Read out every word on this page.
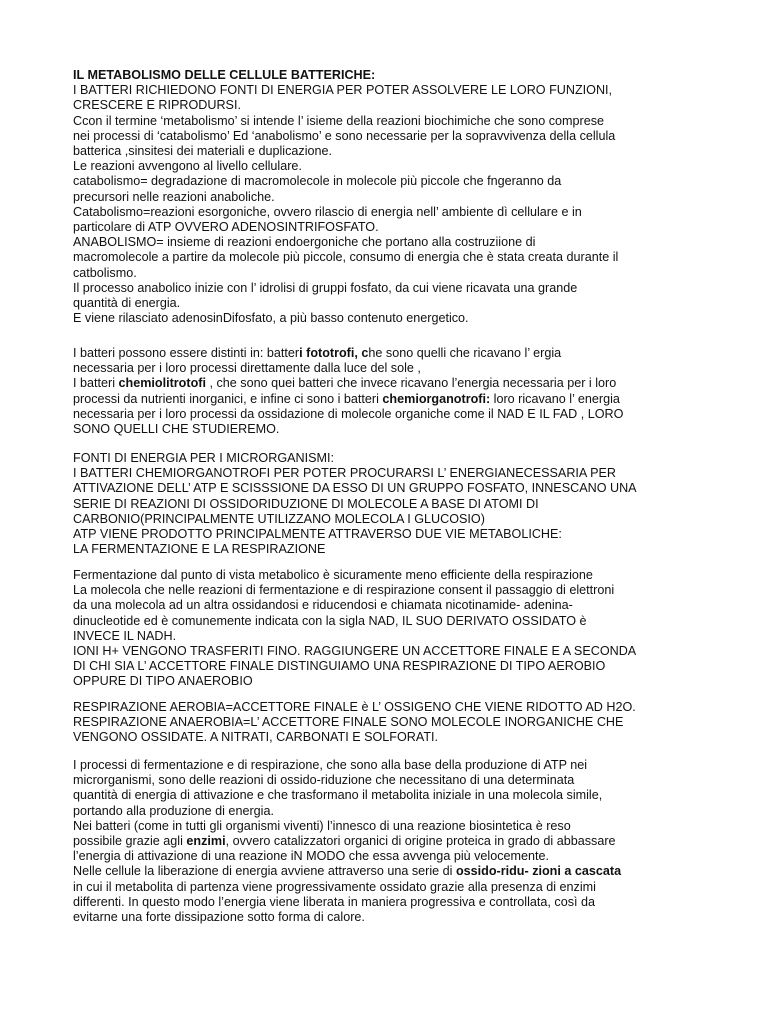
IL METABOLISMO DELLE CELLULE BATTERICHE:

I BATTERI RICHIEDONO FONTI DI ENERGIA PER POTER ASSOLVERE LE LORO FUNZIONI,

CRESCERE E RIPRODURSI.

Ccon il termine ‘metabolismo’ si intende l’ isieme della reazioni biochimiche che sono comprese

nei processi di ‘catabolismo’ Ed ‘anabolismo’ e sono necessarie per la sopravvivenza della cellula

batterica ,sinsitesi dei materiali e duplicazione.

Le reazioni avvengono al livello cellulare.

catabolismo= degradazione di macromolecole in molecole più piccole che fngeranno da

precursori nelle reazioni anaboliche.

Catabolismo=reazioni esorgoniche, ovvero rilascio di energia nell’ ambiente dì cellulare e in

particolare di ATP OVVERO ADENOSINTRIFOSFATO.

ANABOLISMO= insieme di reazioni endoergoniche che portano alla costruziione di

macromolecole a partire da molecole più piccole, consumo di energia che è stata creata durante il

catbolismo.

Il processo anabolico inizie con l’ idrolisi di gruppi fosfato, da cui viene ricavata una grande

quantità di energia.

E viene rilasciato adenosinDifosfato, a più basso contenuto energetico.

I batteri possono essere distinti in: batteri fototrofi, che sono quelli che ricavano l’ ergia

necessaria per i loro processi direttamente dalla luce del sole ,

I batteri chemiolitrotofi , che sono quei batteri che invece ricavano l’energia necessaria per i loro

processi da nutrienti inorganici, e infine ci sono i batteri chemiorganotrofi: loro ricavano l’ energia

necessaria per i loro processi da ossidazione di molecole organiche come il NAD E IL FAD , LORO

SONO QUELLI CHE STUDIEREMO.

FONTI DI ENERGIA PER I MICRORGANISMI:

I BATTERI CHEMIORGANOTROFI PER POTER PROCURARSI L’ ENERGIANECESSARIA PER

ATTIVAZIONE DELL’ ATP E SCISSSIONE DA ESSO DI UN GRUPPO FOSFATO, INNESCANO UNA

SERIE DI REAZIONI DI OSSIDORIDUZIONE DI MOLECOLE A BASE DI ATOMI DI

CARBONIO(PRINCIPALMENTE UTILIZZANO MOLECOLA I GLUCOSIO)

ATP VIENE PRODOTTO PRINCIPALMENTE ATTRAVERSO DUE VIE METABOLICHE:

LA FERMENTAZIONE E LA RESPIRAZIONE

Fermentazione dal punto di vista metabolico è sicuramente meno efficiente della respirazione

La molecola che nelle reazioni di fermentazione e di respirazione consent il passaggio di elettroni

da una molecola ad un altra ossidandosi e riducendosi e chiamata nicotinamide- adenina-

dinucleotide ed è comunemente indicata con la sigla NAD, IL SUO DERIVATO OSSIDATO è

INVECE IL NADH.

IONI H+ VENGONO TRASFERITI FINO. RAGGIUNGERE UN ACCETTORE FINALE E A SECONDA

DI CHI SIA L’ ACCETTORE FINALE DISTINGUIAMO UNA RESPIRAZIONE DI TIPO AEROBIO

OPPURE DI TIPO ANAEROBIO

RESPIRAZIONE AEROBIA=ACCETTORE FINALE è L’ OSSIGENO CHE VIENE RIDOTTO AD H2O.

RESPIRAZIONE ANAEROBIA=L’ ACCETTORE FINALE SONO MOLECOLE INORGANICHE CHE

VENGONO OSSIDATE. A NITRATI, CARBONATI E SOLFORATI.

I processi di fermentazione e di respirazione, che sono alla base della produzione di ATP nei

microrganismi, sono delle reazioni di ossido-riduzione che necessitano di una determinata

quantità di energia di attivazione e che trasformano il metabolita iniziale in una molecola simile,

portando alla produzione di energia.

Nei batteri (come in tutti gli organismi viventi) l’innesco di una reazione biosintetica è reso

possibile grazie agli enzimi, ovvero catalizzatori organici di origine proteica in grado di abbassare

l’energia di attivazione di una reazione iN MODO che essa avvenga più velocemente.

Nelle cellule la liberazione di energia avviene attraverso una serie di ossido-ridu- zioni a cascata

in cui il metabolita di partenza viene progressivamente ossidato grazie alla presenza di enzimi

differenti. In questo modo l’energia viene liberata in maniera progressiva e controllata, così da

evitarne una forte dissipazione sotto forma di calore.
